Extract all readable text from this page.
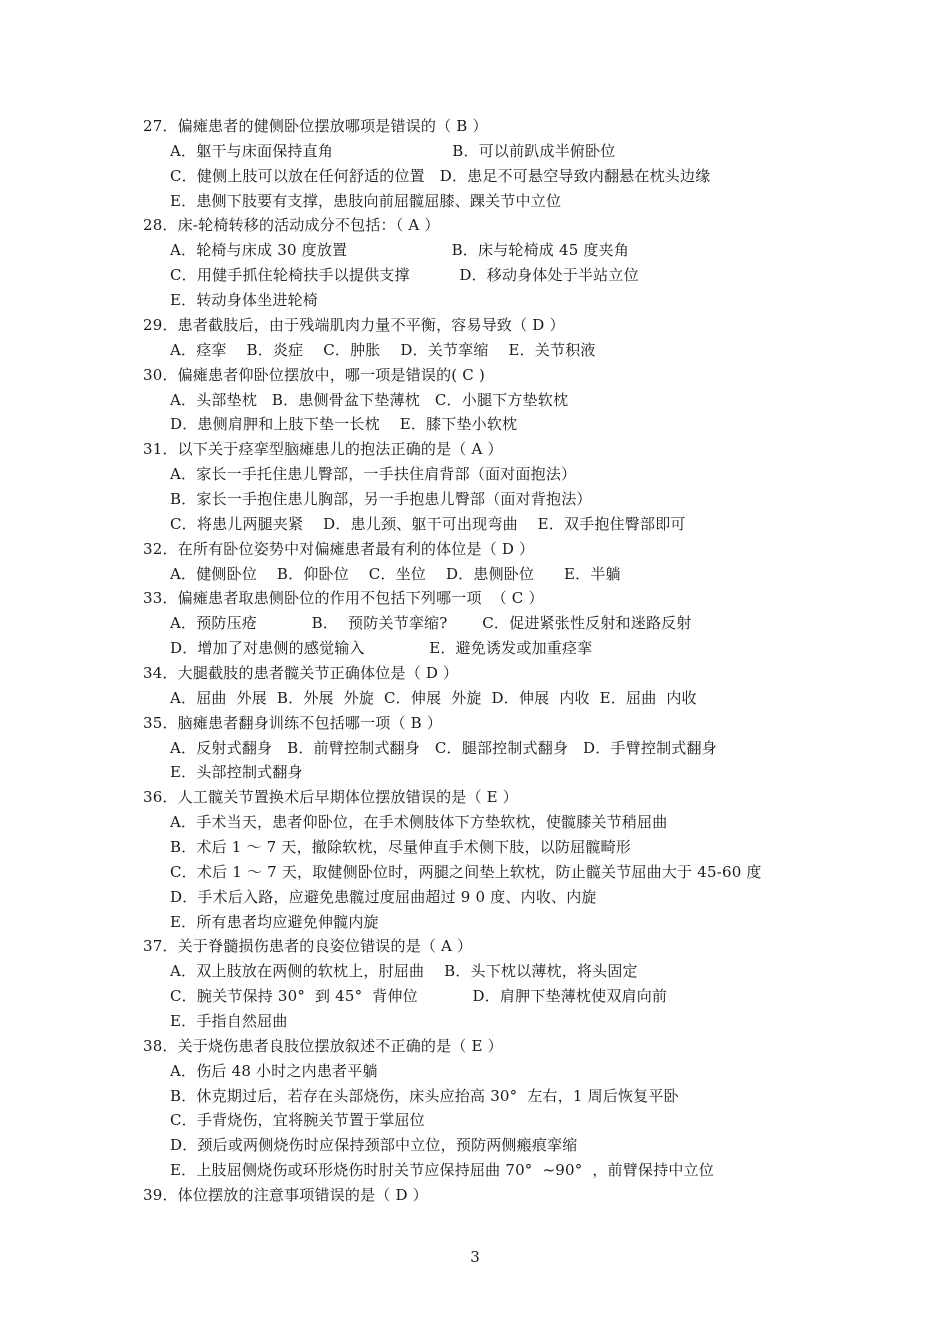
27．偏瘫患者的健侧卧位摆放哪项是错误的（ B ）
A．躯干与床面保持直角                        B．可以前趴成半俯卧位
C．健侧上肢可以放在任何舒适的位置   D．患足不可悬空导致内翻悬在枕头边缘
E．患侧下肢要有支撑，患肢向前屈髋屈膝、踝关节中立位
28．床-轮椅转移的活动成分不包括：（ A ）
A．轮椅与床成 30 度放置                     B．床与轮椅成 45 度夹角
C．用健手抓住轮椅扶手以提供支撑          D．移动身体处于半站立位
E．转动身体坐进轮椅
29．患者截肢后，由于残端肌肉力量不平衡，容易导致（ D ）
A．痉挛    B．炎症    C．肿胀    D．关节挛缩    E．关节积液
30．偏瘫患者仰卧位摆放中，哪一项是错误的( C )
A．头部垫枕   B．患侧骨盆下垫薄枕   C．小腿下方垫软枕
D．患侧肩胛和上肢下垫一长枕    E．膝下垫小软枕
31．以下关于痉挛型脑瘫患儿的抱法正确的是（ A ）
A．家长一手托住患儿臀部，一手扶住肩背部（面对面抱法）
B．家长一手抱住患儿胸部，另一手抱患儿臀部（面对背抱法）
C．将患儿两腿夹紧    D．患儿颈、躯干可出现弯曲    E．双手抱住臀部即可
32．在所有卧位姿势中对偏瘫患者最有利的体位是（ D ）
A．健侧卧位    B．仰卧位    C．坐位    D．患侧卧位      E．半躺
33．偏瘫患者取患侧卧位的作用不包括下列哪一项  （ C ）
A．预防压疮           B．  预防关节挛缩?       C．促进紧张性反射和迷路反射
D．增加了对患侧的感觉输入             E．避免诱发或加重痉挛
34．大腿截肢的患者髋关节正确体位是（ D ）
A．屈曲  外展  B．外展  外旋  C．伸展  外旋  D．伸展  内收  E．屈曲  内收
35．脑瘫患者翻身训练不包括哪一项（ B ）
A．反射式翻身   B．前臂控制式翻身   C．腿部控制式翻身   D．手臂控制式翻身
E．头部控制式翻身
36．人工髋关节置换术后早期体位摆放错误的是（ E ）
A．手术当天，患者仰卧位，在手术侧肢体下方垫软枕，使髋膝关节稍屈曲
B．术后 1 ～ 7 天，撤除软枕，尽量伸直手术侧下肢，以防屈髋畸形
C．术后 1 ～ 7 天，取健侧卧位时，两腿之间垫上软枕，防止髋关节屈曲大于 45-60 度
D．手术后入路，应避免患髋过度屈曲超过 9 0 度、内收、内旋
E．所有患者均应避免伸髋内旋
37．关于脊髓损伤患者的良姿位错误的是（ A ）
A．双上肢放在两侧的软枕上，肘屈曲    B．头下枕以薄枕，将头固定
C．腕关节保持 30°  到 45°  背伸位           D．肩胛下垫薄枕使双肩向前
E．手指自然屈曲
38．关于烧伤患者良肢位摆放叙述不正确的是（ E ）
A．伤后 48 小时之内患者平躺
B．休克期过后，若存在头部烧伤，床头应抬高 30°  左右，1 周后恢复平卧
C．手背烧伤，宜将腕关节置于掌屈位
D．颈后或两侧烧伤时应保持颈部中立位，预防两侧瘢痕挛缩
E．上肢屈侧烧伤或环形烧伤时肘关节应保持屈曲 70°  ~90°  ，前臂保持中立位
39．体位摆放的注意事项错误的是（ D ）
3
